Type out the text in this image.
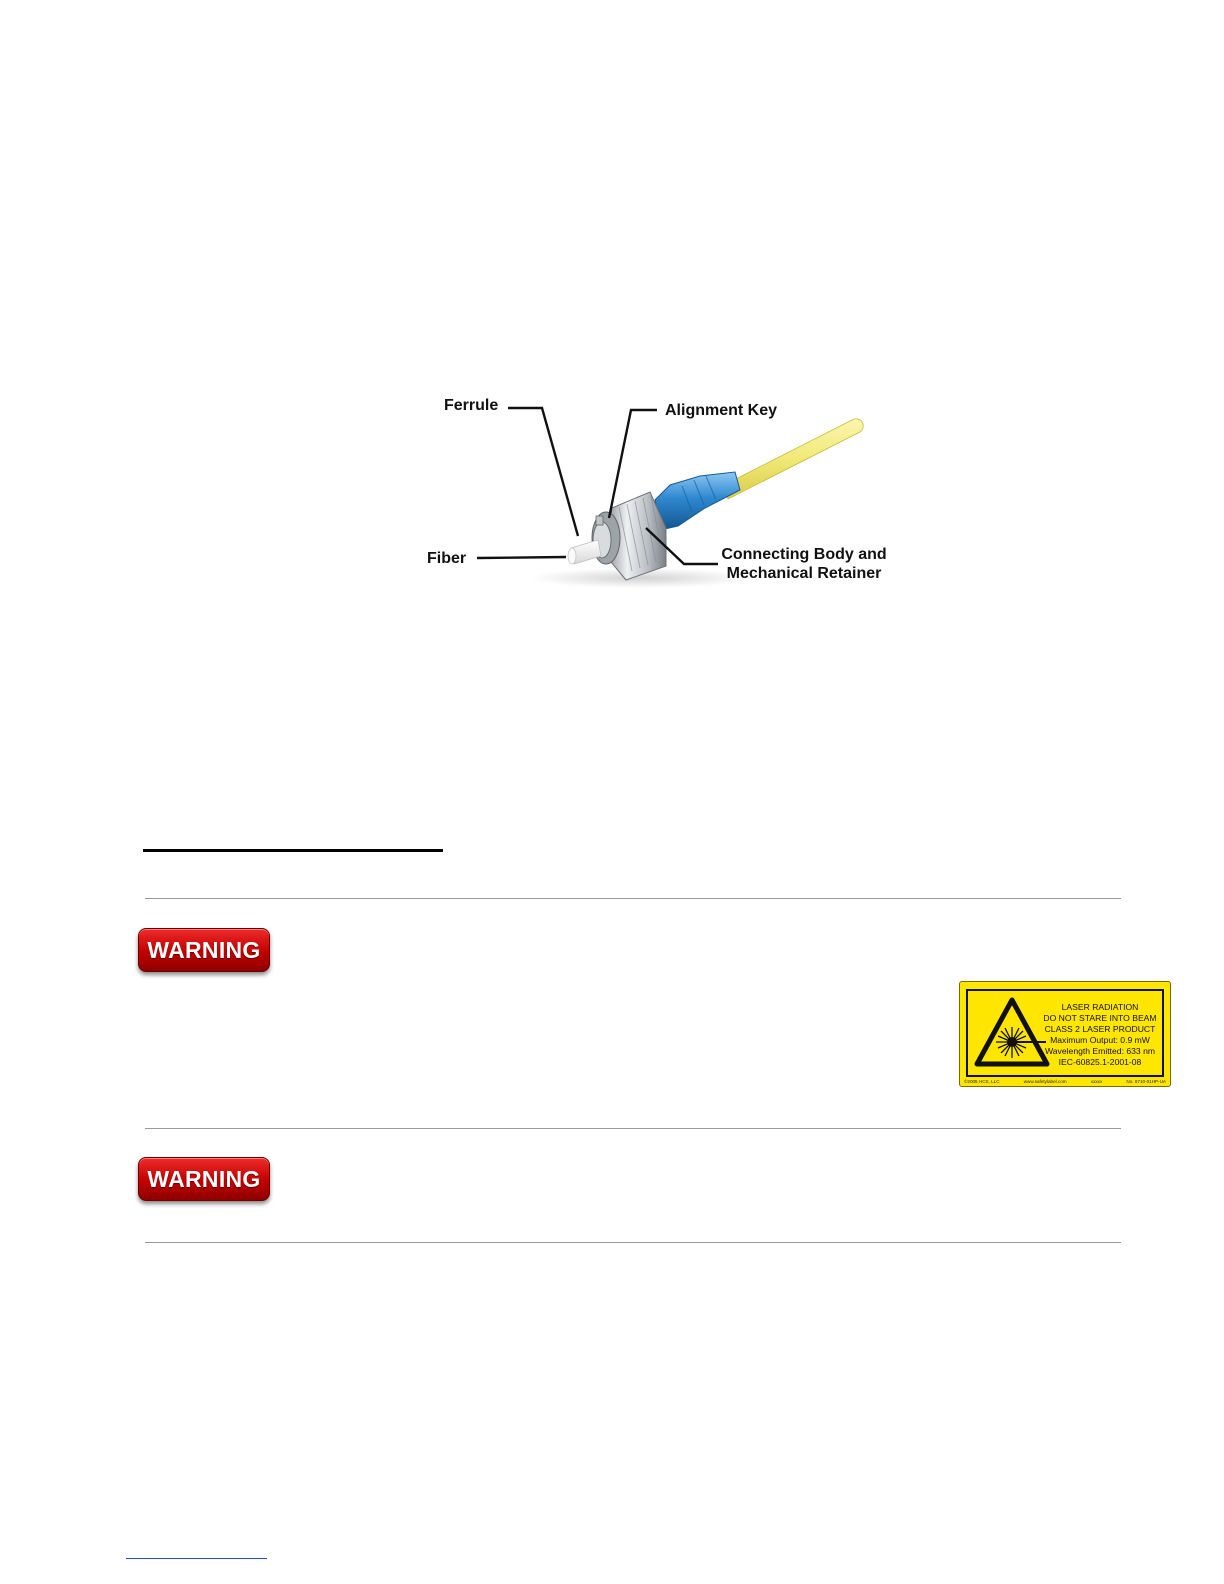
Ferrule	Alignment Key
Fiber	Connecting Body and
Mechanical Retainer
WARNING
LASER RADIATION
DO NOT STARE INTO BEAM
CLASS 2 LASER PRODUCT
Maximum Output: 0.9 mW
Wavelength Emitted: 633 nm
IEC-60825.1-2001-08
©2005 HCS, LLC	www.safetylabel.com	xxxxx	No. 6710-01HP-UA
WARNING
